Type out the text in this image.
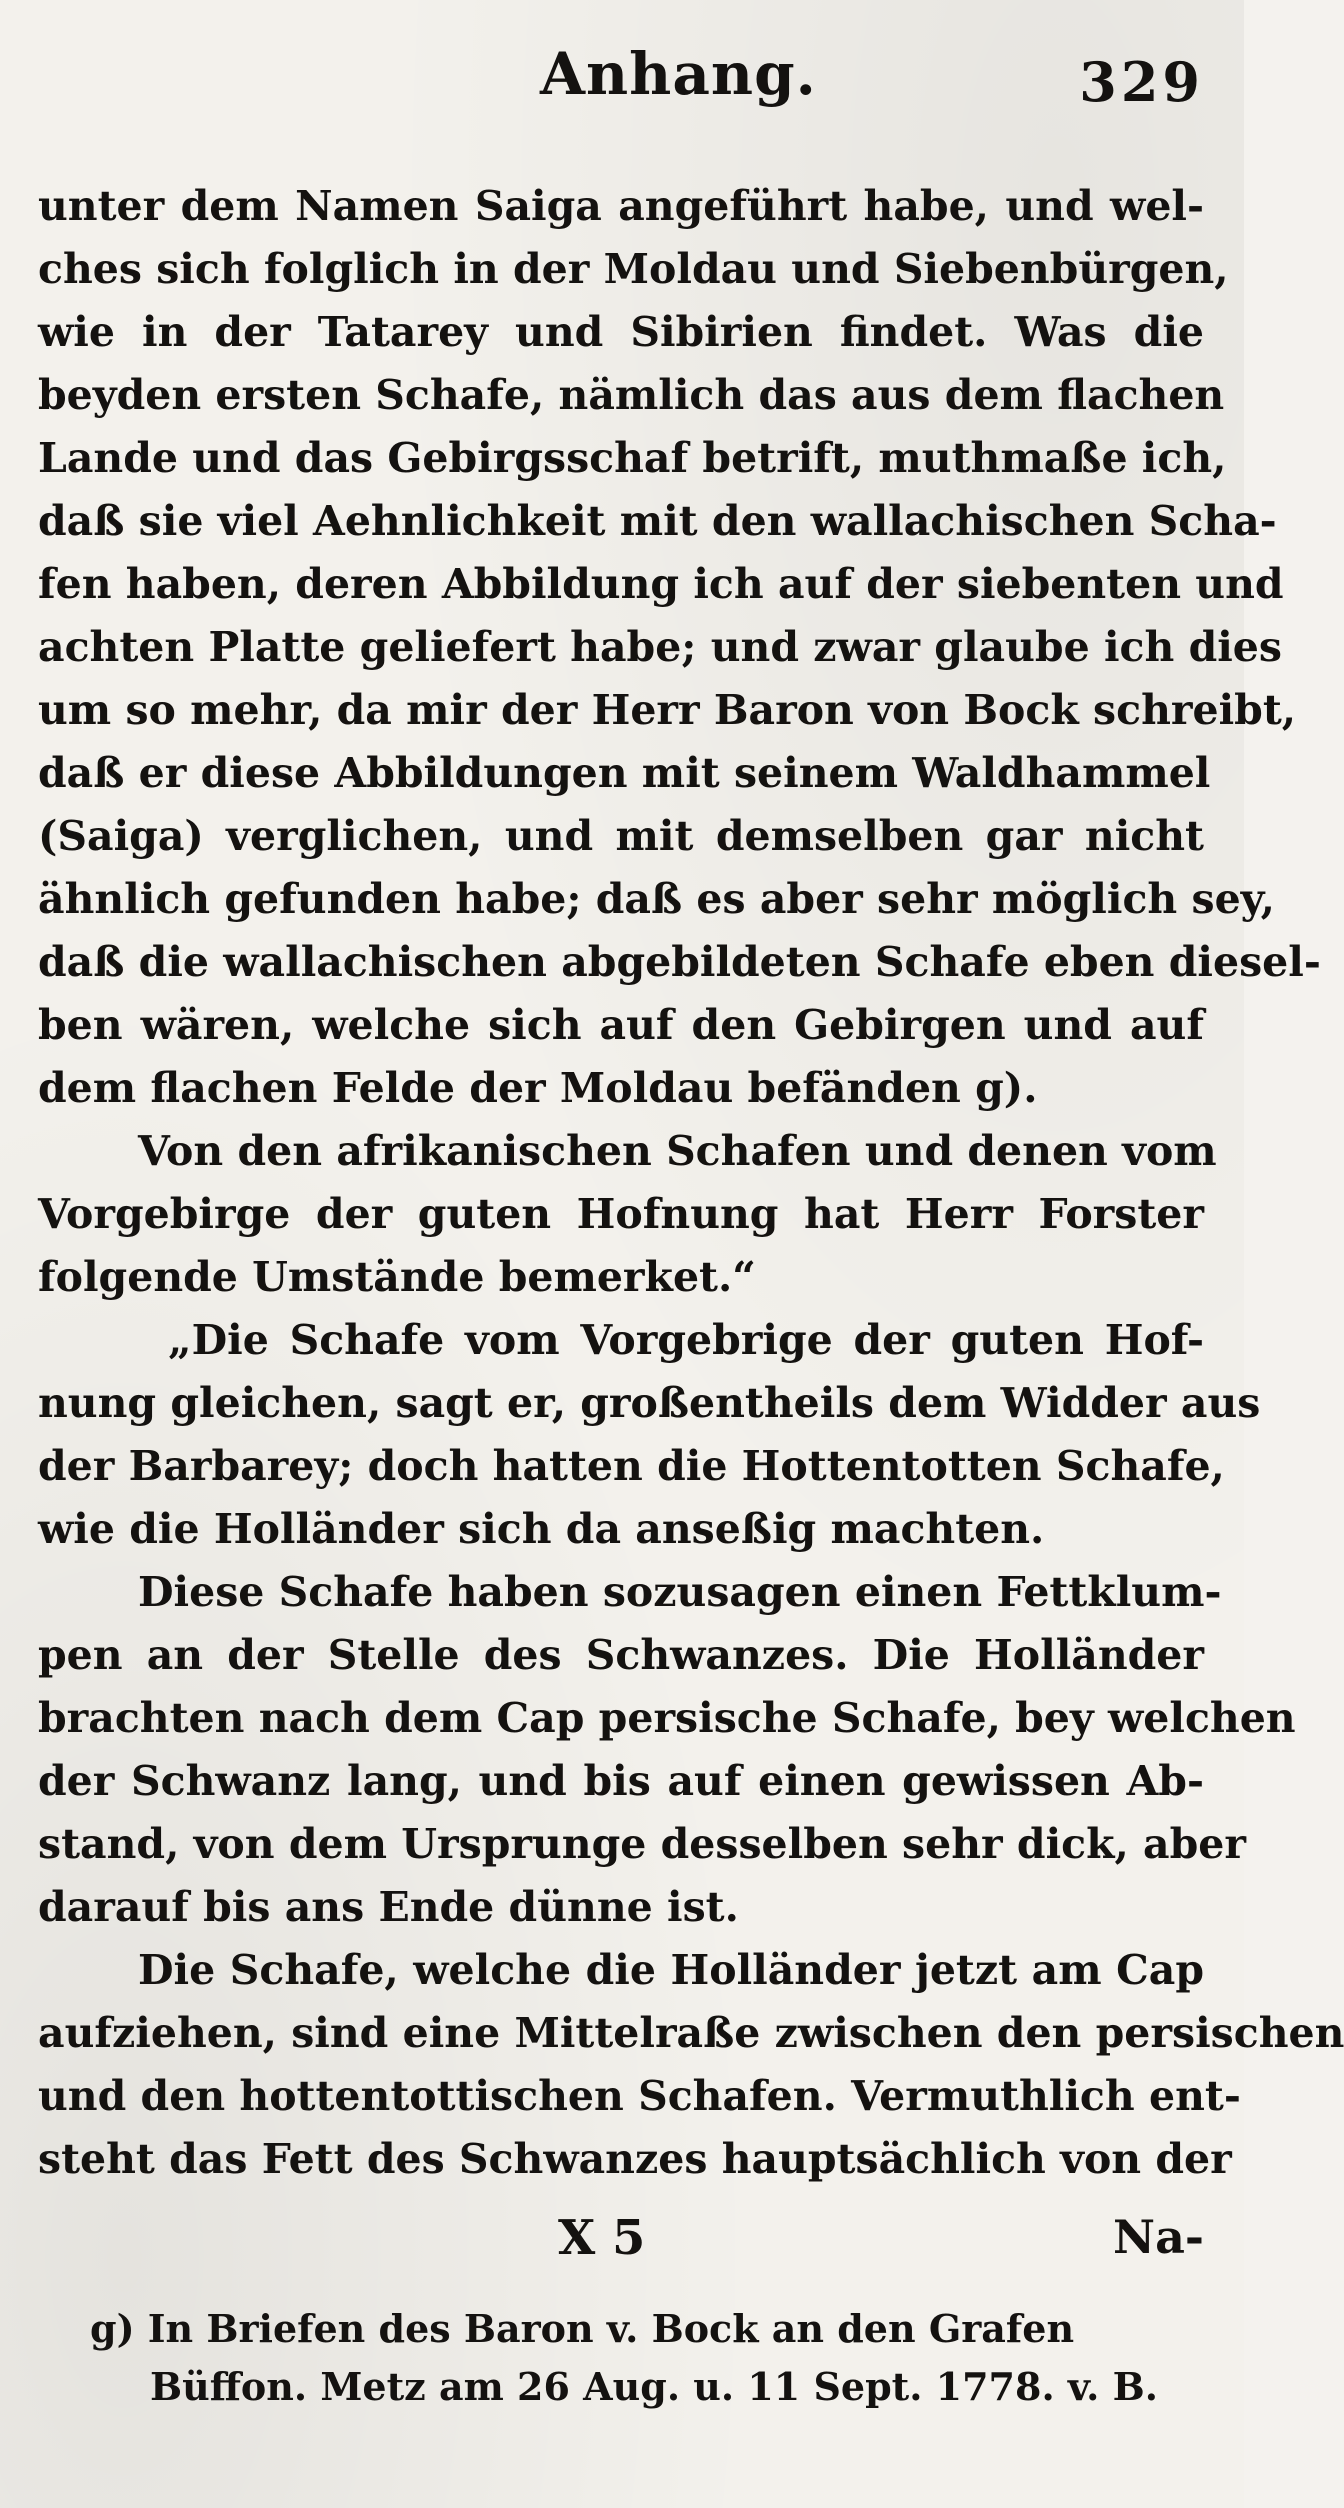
Anhang.	329
unter dem Namen Saiga angeführt habe, und wel-
ches sich folglich in der Moldau und Siebenbürgen,
wie in der Tatarey und Sibirien findet. Was die
beyden ersten Schafe, nämlich das aus dem flachen
Lande und das Gebirgsschaf betrift, muthmaße ich,
daß sie viel Aehnlichkeit mit den wallachischen Scha-
fen haben, deren Abbildung ich auf der siebenten und
achten Platte geliefert habe; und zwar glaube ich dies
um so mehr, da mir der Herr Baron von Bock schreibt,
daß er diese Abbildungen mit seinem Waldhammel
(Saiga) verglichen, und mit demselben gar nicht
ähnlich gefunden habe; daß es aber sehr möglich sey,
daß die wallachischen abgebildeten Schafe eben diesel-
ben wären, welche sich auf den Gebirgen und auf
dem flachen Felde der Moldau befänden g).
Von den afrikanischen Schafen und denen vom
Vorgebirge der guten Hofnung hat Herr Forster
folgende Umstände bemerket.“
„Die Schafe vom Vorgebrige der guten Hof-
nung gleichen, sagt er, großentheils dem Widder aus
der Barbarey; doch hatten die Hottentotten Schafe,
wie die Holländer sich da anseßig machten.
Diese Schafe haben sozusagen einen Fettklum-
pen an der Stelle des Schwanzes. Die Holländer
brachten nach dem Cap persische Schafe, bey welchen
der Schwanz lang, und bis auf einen gewissen Ab-
stand, von dem Ursprunge desselben sehr dick, aber
darauf bis ans Ende dünne ist.
Die Schafe, welche die Holländer jetzt am Cap
aufziehen, sind eine Mittelraße zwischen den persischen
und den hottentottischen Schafen. Vermuthlich ent-
steht das Fett des Schwanzes hauptsächlich von der
X 5	Na-
g) In Briefen des Baron v. Bock an den Grafen
Büffon. Metz am 26 Aug. u. 11 Sept. 1778. v. B.
